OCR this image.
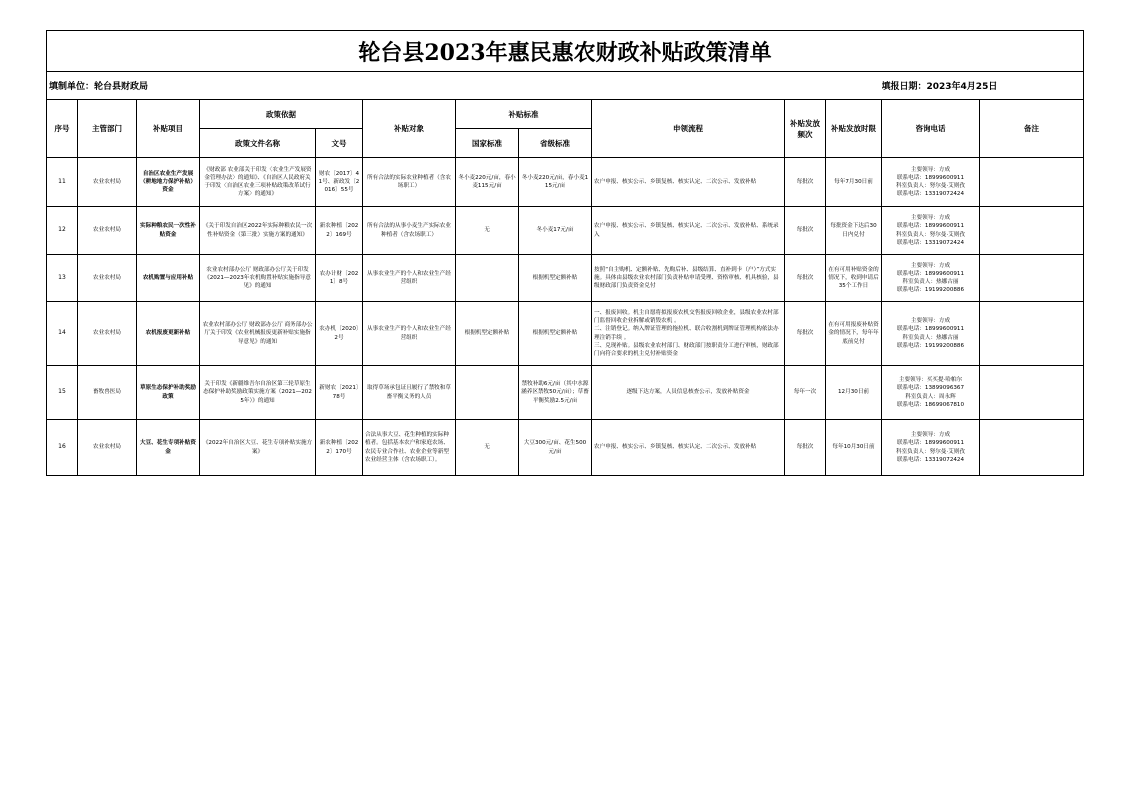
轮台县2023年惠民惠农财政补贴政策清单												
填制单位：轮台县财政局											填报日期：2023年4月25日	
序号	主管部门	补贴项目	政策依据		补贴对象	补贴标准		申领流程	补贴发放频次	补贴发放时限	咨询电话	备注
			政策文件名称	文号		国家标准	省级标准					
11	农业农村局	自治区农业生产发展（耕地地力保护补贴）资金	《财政部 农业部关于印发〈农业生产发展资金管理办法〉的通知》、《自治区人民政府关于印发〈自治区农业三项补贴政策改革试行方案〉的通知》	财农〔2017〕41号、新政发〔2016〕55号	所有合法的实际农业种植者（含农场职工）	冬小麦220元/亩，春小麦115元/亩	冬小麦220元/亩，春小麦115元/亩	农户申报、核实公示、乡镇复核、核实认定、二次公示、发放补贴	每批次	每年7月30日前	主要领导：方成
联系电话：18999600911
科室负责人：努尔曼·艾则孜
联系电话：13319072424	

12	农业农村局	实际种粮农民一次性补贴资金	《关于印发自治区2022年实际种粮农民一次性补贴资金（第三批）实施方案的通知》	新农种植〔2022〕169号	所有合法的从事小麦生产实际农业种植者（含农场职工）	无	冬小麦17元/亩	农户申报、核实公示、乡镇复核、核实认定、二次公示、发放补贴、系统录入	每批次	每批资金下达后30日内兑付	主要领导：方成
联系电话：18999600911
科室负责人：努尔曼·艾则孜
联系电话：13319072424	

13	农业农村局	农机购置与应用补贴	农业农村部办公厅 财政部办公厅关于印发《2021—2023年农机购置补贴实施指导意见》的通知	农办计财〔2021〕8号	从事农业生产的个人和农业生产经营组织		根据机型定额补贴	按照“自主购机、定额补贴、先购后补、县级结算、直补到卡（户）”方式实施。具体由县级农业农村部门负责补贴申请受理、资格审核、机具核验，县级财政部门负责资金兑付	每批次	在有可用补贴资金的情况下，收到申请后35个工作日	主要领导：方成
联系电话：18999600911
科室负责人：热娜古丽
联系电话：19199200886	

14	农业农村局	农机报废更新补贴	农业农村部办公厅 财政部办公厅 商务部办公厅关于印发《农业机械报废更新补贴实施指导意见》的通知	农办机〔2020〕2号	从事农业生产的个人和农业生产经营组织	根据机型定额补贴	根据机型定额补贴	一、报废回收。机主自愿将拟报废农机交售报废回收企业，县级农业农村部门监督回收企业拆解或销毁农机 。
二、注销登记。纳入牌证管理的拖拉机、联合收割机到牌证管理机构依法办理注销手续 。
三、兑现补贴。县级农业农村部门、财政部门按职责分工进行审核，财政部门向符合要求的机主兑付补贴资金	每批次	在有可用报废补贴资金的情况下，每年年底前兑付	主要领导：方成
联系电话：18999600911
科室负责人：热娜古丽
联系电话：19199200886	

15	畜牧兽医局	草原生态保护补助奖励政策	关于印发《新疆维吾尔自治区第三轮草原生态保护补助奖励政策实施方案（2021—2025年）》的通知	新财农〔2021〕78号	取得草场承包证且履行了禁牧和草畜平衡义务的人员		禁牧补助6元/亩（其中水源涵养区禁牧50元/亩）；草畜平衡奖励2.5元/亩	逐级下达方案，人员信息核查公示，发放补贴资金	每年一次	12月30日前	主要领导：买买提·哈帕尔
联系电话：13899096367
科室负责人：周永辉
联系电话：18699067810	

16	农业农村局	大豆、花生专项补贴资金	《2022年自治区大豆、花生专项补贴实施方案》	新农种植〔2022〕170号	合法从事大豆、花生种植的实际种植者。包括基本农户和家庭农场、农民专业合作社、农业企业等新型农业经营主体（含农场职工）。	无	大豆300元/亩、花生500元/亩	农户申报、核实公示、乡镇复核、核实认定、二次公示、发放补贴	每批次	每年10月30日前	主要领导：方成
联系电话：18999600911
科室负责人：努尔曼·艾则孜
联系电话：13319072424	
